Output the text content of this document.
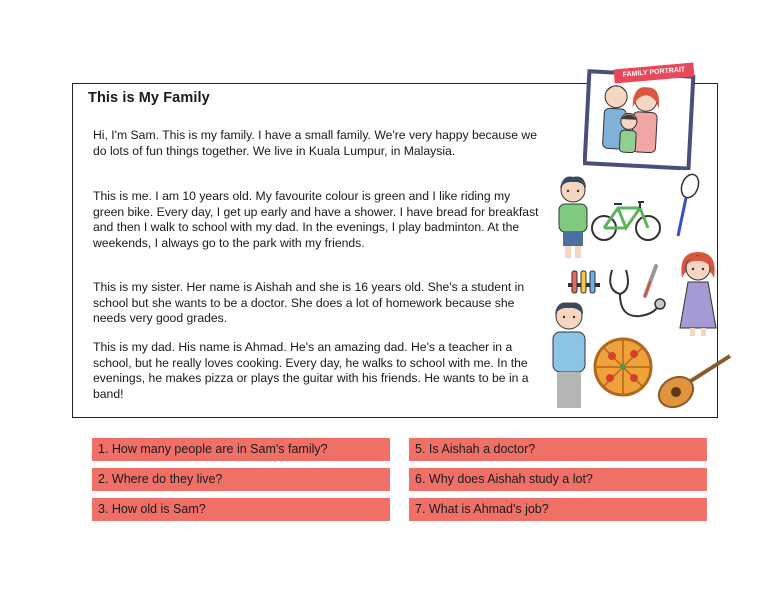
This is My Family

Hi, I'm Sam. This is my family. I have a small family. We're very happy because we do lots of fun things together. We live in Kuala Lumpur, in Malaysia.

This is me. I am 10 years old. My favourite colour is green and I like riding my green bike. Every day, I get up early and have a shower. I have bread for breakfast and then I walk to school with my dad. In the evenings, I play badminton. At the weekends, I always go to the park with my friends.

This is my sister. Her name is Aishah and she is 16 years old. She's a student in school but she wants to be a doctor. She does a lot of homework because she needs very good grades.

This is my dad. His name is Ahmad. He's an amazing dad. He's a teacher in a school, but he really loves cooking. Every day, he walks to school with me. In the evenings, he makes pizza or plays the guitar with his friends. He wants to be in a band!

FAMILY PORTRAIT
1. How many people are in Sam's family?
2. Where do they live?
3. How old is Sam?
5. Is Aishah a doctor?
6. Why does Aishah study a lot?
7. What is Ahmad's job?
